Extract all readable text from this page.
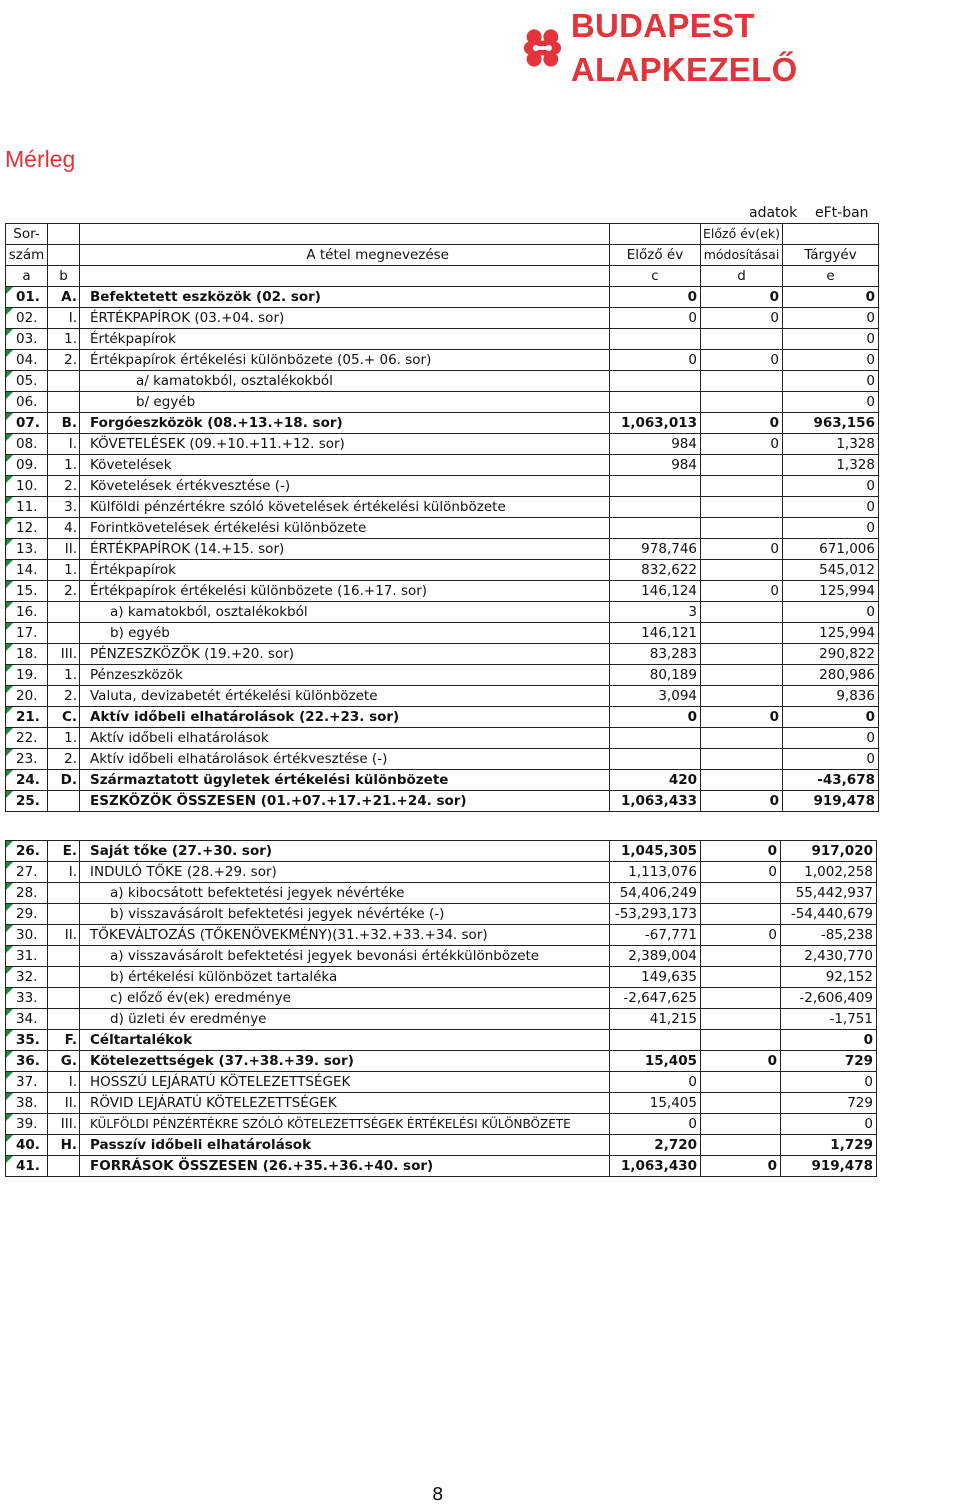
BUDAPEST ALAPKEZELŐ
Mérleg
adatok eFt-ban
Sor-				Előző év(ek)	
szám		A tétel megnevezése	Előző év	módosításai	Tárgyév
a	b		c	d	e
01.	A.	Befektetett eszközök (02. sor)	0	0	0
02.	I.	ÉRTÉKPAPÍROK (03.+04. sor)	0	0	0
03.	1.	Értékpapírok			0
04.	2.	Értékpapírok értékelési különbözete (05.+ 06. sor)	0	0	0
05.		a/ kamatokból, osztalékokból			0
06.		b/ egyéb			0
07.	B.	Forgóeszközök (08.+13.+18. sor)	1,063,013	0	963,156
08.	I.	KÖVETELÉSEK (09.+10.+11.+12. sor)	984	0	1,328
09.	1.	Követelések	984		1,328
10.	2.	Követelések értékvesztése (-)			0
11.	3.	Külföldi pénzértékre szóló követelések értékelési különbözete			0
12.	4.	Forintkövetelések értékelési különbözete			0
13.	II.	ÉRTÉKPAPÍROK (14.+15. sor)	978,746	0	671,006
14.	1.	Értékpapírok	832,622		545,012
15.	2.	Értékpapírok értékelési különbözete (16.+17. sor)	146,124	0	125,994
16.		a) kamatokból, osztalékokból	3		0
17.		b) egyéb	146,121		125,994
18.	III.	PÉNZESZKÖZÖK (19.+20. sor)	83,283		290,822
19.	1.	Pénzeszközök	80,189		280,986
20.	2.	Valuta, devizabetét értékelési különbözete	3,094		9,836
21.	C.	Aktív időbeli elhatárolások (22.+23. sor)	0	0	0
22.	1.	Aktív időbeli elhatárolások			0
23.	2.	Aktív időbeli elhatárolások értékvesztése (-)			0
24.	D.	Származtatott ügyletek értékelési különbözete	420		-43,678
25.		ESZKÖZÖK ÖSSZESEN (01.+07.+17.+21.+24. sor)	1,063,433	0	919,478
26.	E.	Saját tőke (27.+30. sor)	1,045,305	0	917,020
27.	I.	INDULÓ TŐKE (28.+29. sor)	1,113,076	0	1,002,258
28.		a) kibocsátott befektetési jegyek névértéke	54,406,249		55,442,937
29.		b) visszavásárolt befektetési jegyek névértéke (-)	-53,293,173		-54,440,679
30.	II.	TŐKEVÁLTOZÁS (TŐKENÖVEKMÉNY)(31.+32.+33.+34. sor)	-67,771	0	-85,238
31.		a) visszavásárolt befektetési jegyek bevonási értékkülönbözete	2,389,004		2,430,770
32.		b) értékelési különbözet tartaléka	149,635		92,152
33.		c) előző év(ek) eredménye	-2,647,625		-2,606,409
34.		d) üzleti év eredménye	41,215		-1,751
35.	F.	Céltartalékok			0
36.	G.	Kötelezettségek (37.+38.+39. sor)	15,405	0	729
37.	I.	HOSSZÚ LEJÁRATÚ KÖTELEZETTSÉGEK	0		0
38.	II.	RÖVID LEJÁRATÚ KÖTELEZETTSÉGEK	15,405		729
39.	III.	KÜLFÖLDI PÉNZÉRTÉKRE SZÓLÓ KÖTELEZETTSÉGEK ÉRTÉKELÉSI KÜLÖNBÖZETE	0		0
40.	H.	Passzív időbeli elhatárolások	2,720		1,729
41.		FORRÁSOK ÖSSZESEN (26.+35.+36.+40. sor)	1,063,430	0	919,478
8
